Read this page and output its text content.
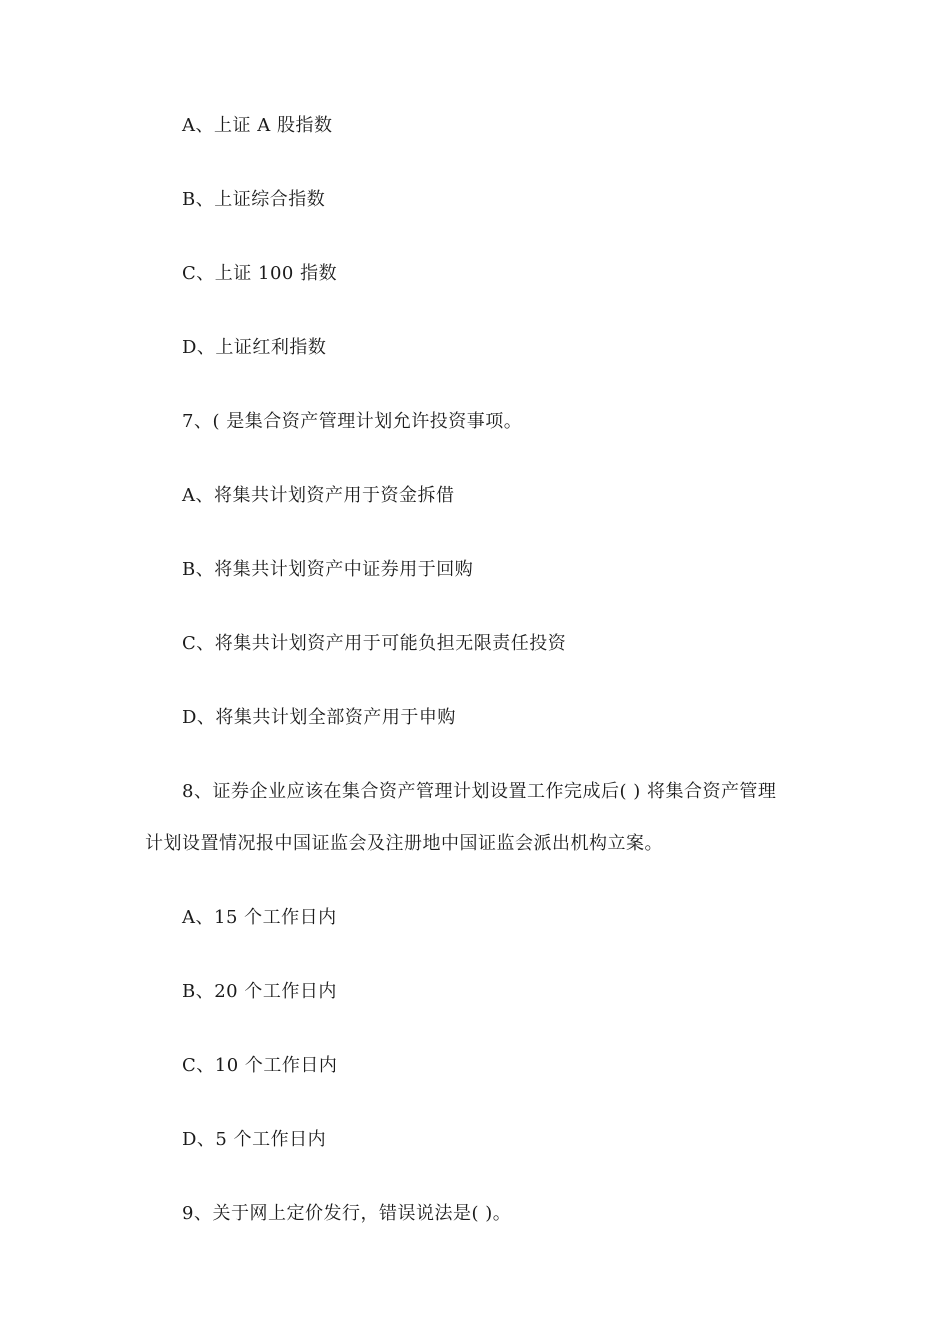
A、上证 A 股指数
B、上证综合指数
C、上证 100 指数
D、上证红利指数
7、( 是集合资产管理计划允许投资事项。
A、将集共计划资产用于资金拆借
B、将集共计划资产中证券用于回购
C、将集共计划资产用于可能负担无限责任投资
D、将集共计划全部资产用于申购
8、证券企业应该在集合资产管理计划设置工作完成后( ) 将集合资产管理
计划设置情况报中国证监会及注册地中国证监会派出机构立案。
A、15 个工作日内
B、20 个工作日内
C、10 个工作日内
D、5 个工作日内
9、关于网上定价发行，错误说法是( )。
